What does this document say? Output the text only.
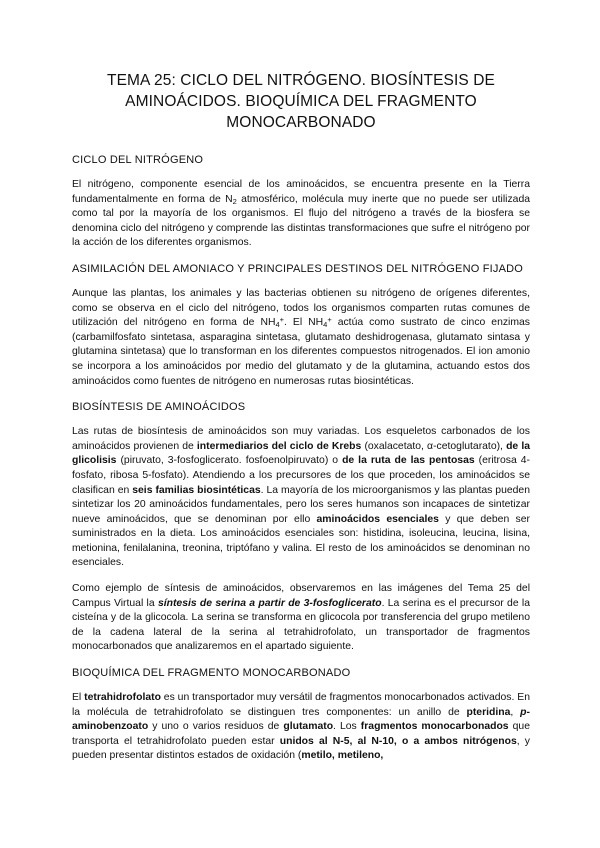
TEMA 25: CICLO DEL NITRÓGENO. BIOSÍNTESIS DE AMINOÁCIDOS. BIOQUÍMICA DEL FRAGMENTO MONOCARBONADO
CICLO DEL NITRÓGENO

El nitrógeno, componente esencial de los aminoácidos, se encuentra presente en la Tierra fundamentalmente en forma de $N_2$ atmosférico, molécula muy inerte que no puede ser utilizada como tal por la mayoría de los organismos. El flujo del nitrógeno a través de la biosfera se denomina ciclo del nitrógeno y comprende las distintas transformaciones que sufre el nitrógeno por la acción de los diferentes organismos.

ASIMILACIÓN DEL AMONIACO Y PRINCIPALES DESTINOS DEL NITRÓGENO FIJADO

Aunque las plantas, los animales y las bacterias obtienen su nitrógeno de orígenes diferentes, como se observa en el ciclo del nitrógeno, todos los organismos comparten rutas comunes de utilización del nitrógeno en forma de $NH_4^+$. El $NH_4^+$ actúa como sustrato de cinco enzimas (carbamilfosfato sintetasa, asparagina sintetasa, glutamato deshidrogenasa, glutamato sintasa y glutamina sintetasa) que lo transforman en los diferentes compuestos nitrogenados. El ion amonio se incorpora a los aminoácidos por medio del glutamato y de la glutamina, actuando estos dos aminoácidos como fuentes de nitrógeno en numerosas rutas biosintéticas.

BIOSÍNTESIS DE AMINOÁCIDOS

Las rutas de biosíntesis de aminoácidos son muy variadas. Los esqueletos carbonados de los aminoácidos provienen de intermediarios del ciclo de Krebs (oxalacetato, α-cetoglutarato), de la glicolisis (piruvato, 3-fosfoglicerato. fosfoenolpiruvato) o de la ruta de las pentosas (eritrosa 4-fosfato, ribosa 5-fosfato). Atendiendo a los precursores de los que proceden, los aminoácidos se clasifican en seis familias biosintéticas. La mayoría de los microorganismos y las plantas pueden sintetizar los 20 aminoácidos fundamentales, pero los seres humanos son incapaces de sintetizar nueve aminoácidos, que se denominan por ello aminoácidos esenciales y que deben ser suministrados en la dieta. Los aminoácidos esenciales son: histidina, isoleucina, leucina, lisina, metionina, fenilalanina, treonina, triptófano y valina. El resto de los aminoácidos se denominan no esenciales.

Como ejemplo de síntesis de aminoácidos, observaremos en las imágenes del Tema 25 del Campus Virtual la síntesis de serina a partir de 3-fosfoglicerato. La serina es el precursor de la cisteína y de la glicocola. La serina se transforma en glicocola por transferencia del grupo metileno de la cadena lateral de la serina al tetrahidrofolato, un transportador de fragmentos monocarbonados que analizaremos en el apartado siguiente.

BIOQUÍMICA DEL FRAGMENTO MONOCARBONADO

El tetrahidrofolato es un transportador muy versátil de fragmentos monocarbonados activados. En la molécula de tetrahidrofolato se distinguen tres componentes: un anillo de pteridina, p-aminobenzoato y uno o varios residuos de glutamato. Los fragmentos monocarbonados que transporta el tetrahidrofolato pueden estar unidos al N-5, al N-10, o a ambos nitrógenos, y pueden presentar distintos estados de oxidación (metilo, metileno,
